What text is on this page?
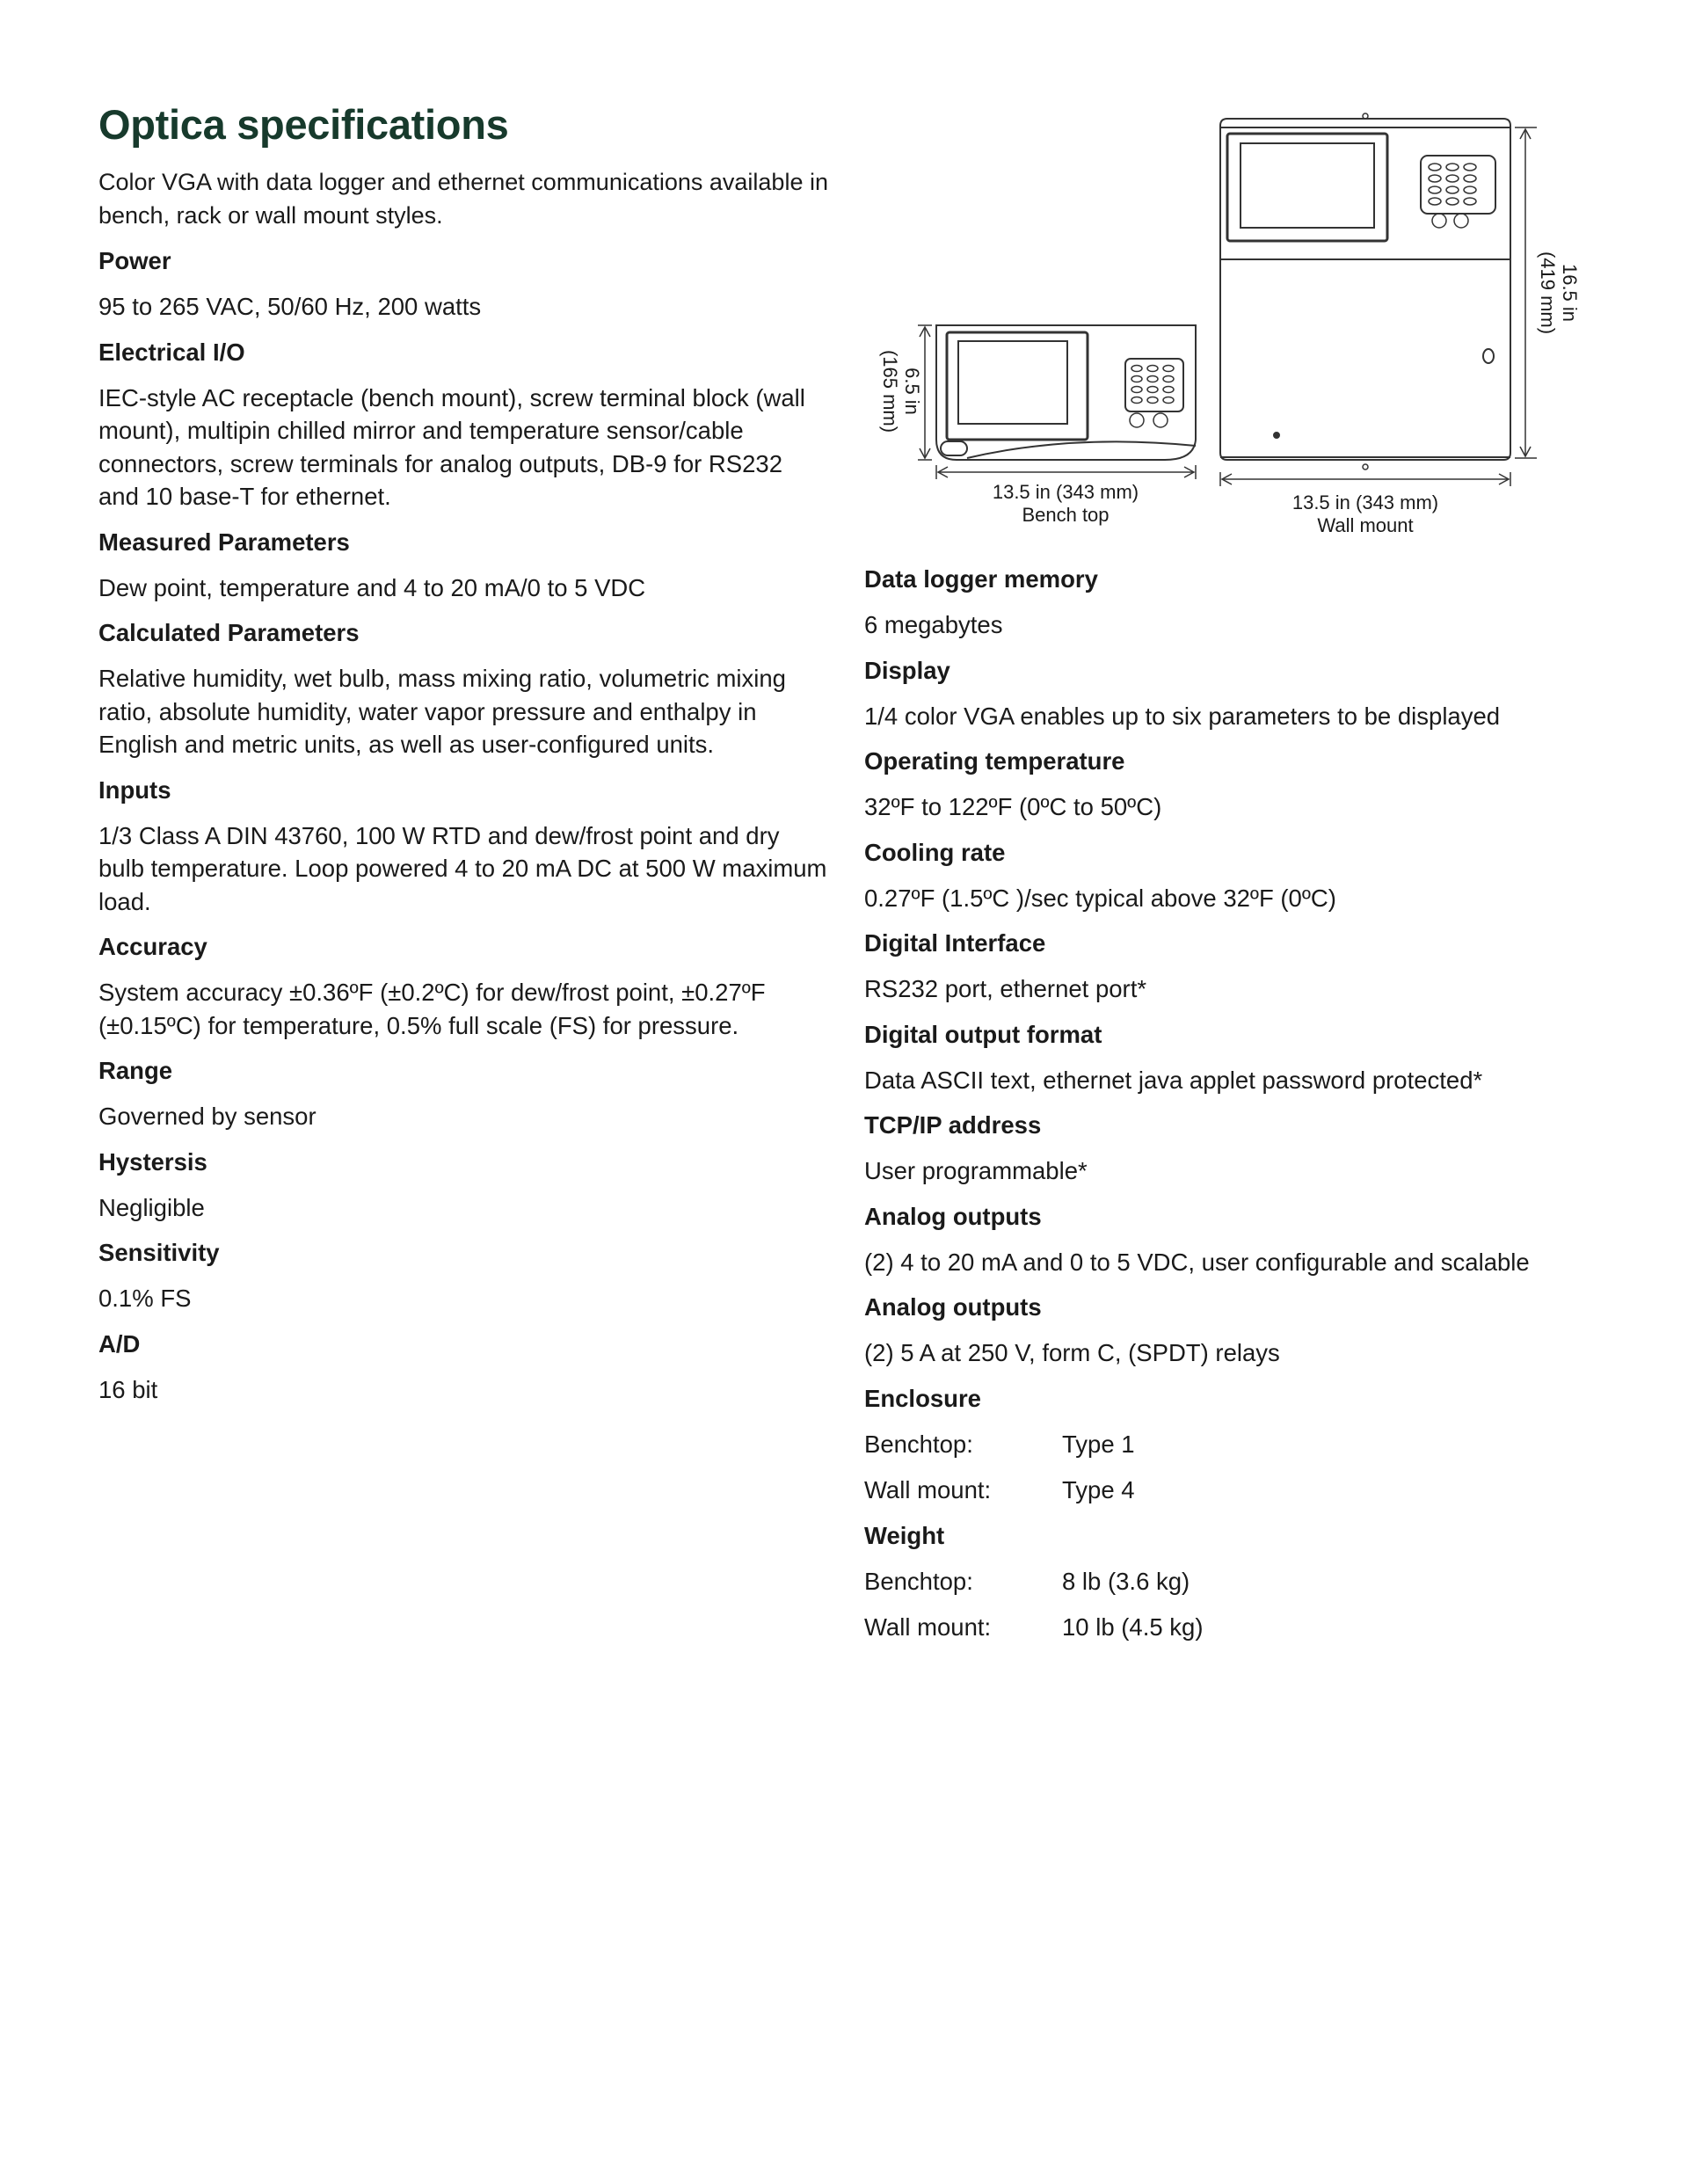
Optica specifications

Color VGA with data logger and ethernet communications available in bench, rack or wall mount styles.

Power
95 to 265 VAC, 50/60 Hz, 200 watts
Electrical I/O
IEC-style AC receptacle (bench mount), screw terminal block (wall mount), multipin chilled mirror and temperature sensor/cable connectors, screw terminals for analog outputs, DB-9 for RS232 and 10 base-T for ethernet.
Measured Parameters
Dew point, temperature and 4 to 20 mA/0 to 5 VDC
Calculated Parameters
Relative humidity, wet bulb, mass mixing ratio, volumetric mixing ratio, absolute humidity, water vapor pressure and enthalpy in English and metric units, as well as user-configured units.
Inputs
1/3 Class A DIN 43760, 100 W RTD and dew/frost point and dry bulb temperature. Loop powered 4 to 20 mA DC at 500 W maximum load.
Accuracy
System accuracy ±0.36ºF (±0.2ºC) for dew/frost point, ±0.27ºF (±0.15ºC) for temperature, 0.5% full scale (FS) for pressure.
Range
Governed by sensor
Hystersis
Negligible
Sensitivity
0.1% FS
A/D
16 bit
6.5 in
(165 mm)
13.5 in (343 mm)
Bench top
16.5 in
(419 mm)
13.5 in (343 mm)
Wall mount
Data logger memory
6 megabytes
Display
1/4 color VGA enables up to six parameters to be displayed
Operating temperature
32ºF to 122ºF (0ºC to 50ºC)
Cooling rate
0.27ºF (1.5ºC )/sec typical above 32ºF (0ºC)
Digital Interface
RS232 port, ethernet port*
Digital output format
Data ASCII text, ethernet java applet password protected*
TCP/IP address
User programmable*
Analog outputs
(2) 4 to 20 mA and 0 to 5 VDC, user configurable and scalable
Analog outputs
(2) 5 A at 250 V, form C, (SPDT) relays
Enclosure
Benchtop:	Type 1
Wall mount:	Type 4
Weight
Benchtop:	8 lb (3.6 kg)
Wall mount:	10 lb (4.5 kg)
